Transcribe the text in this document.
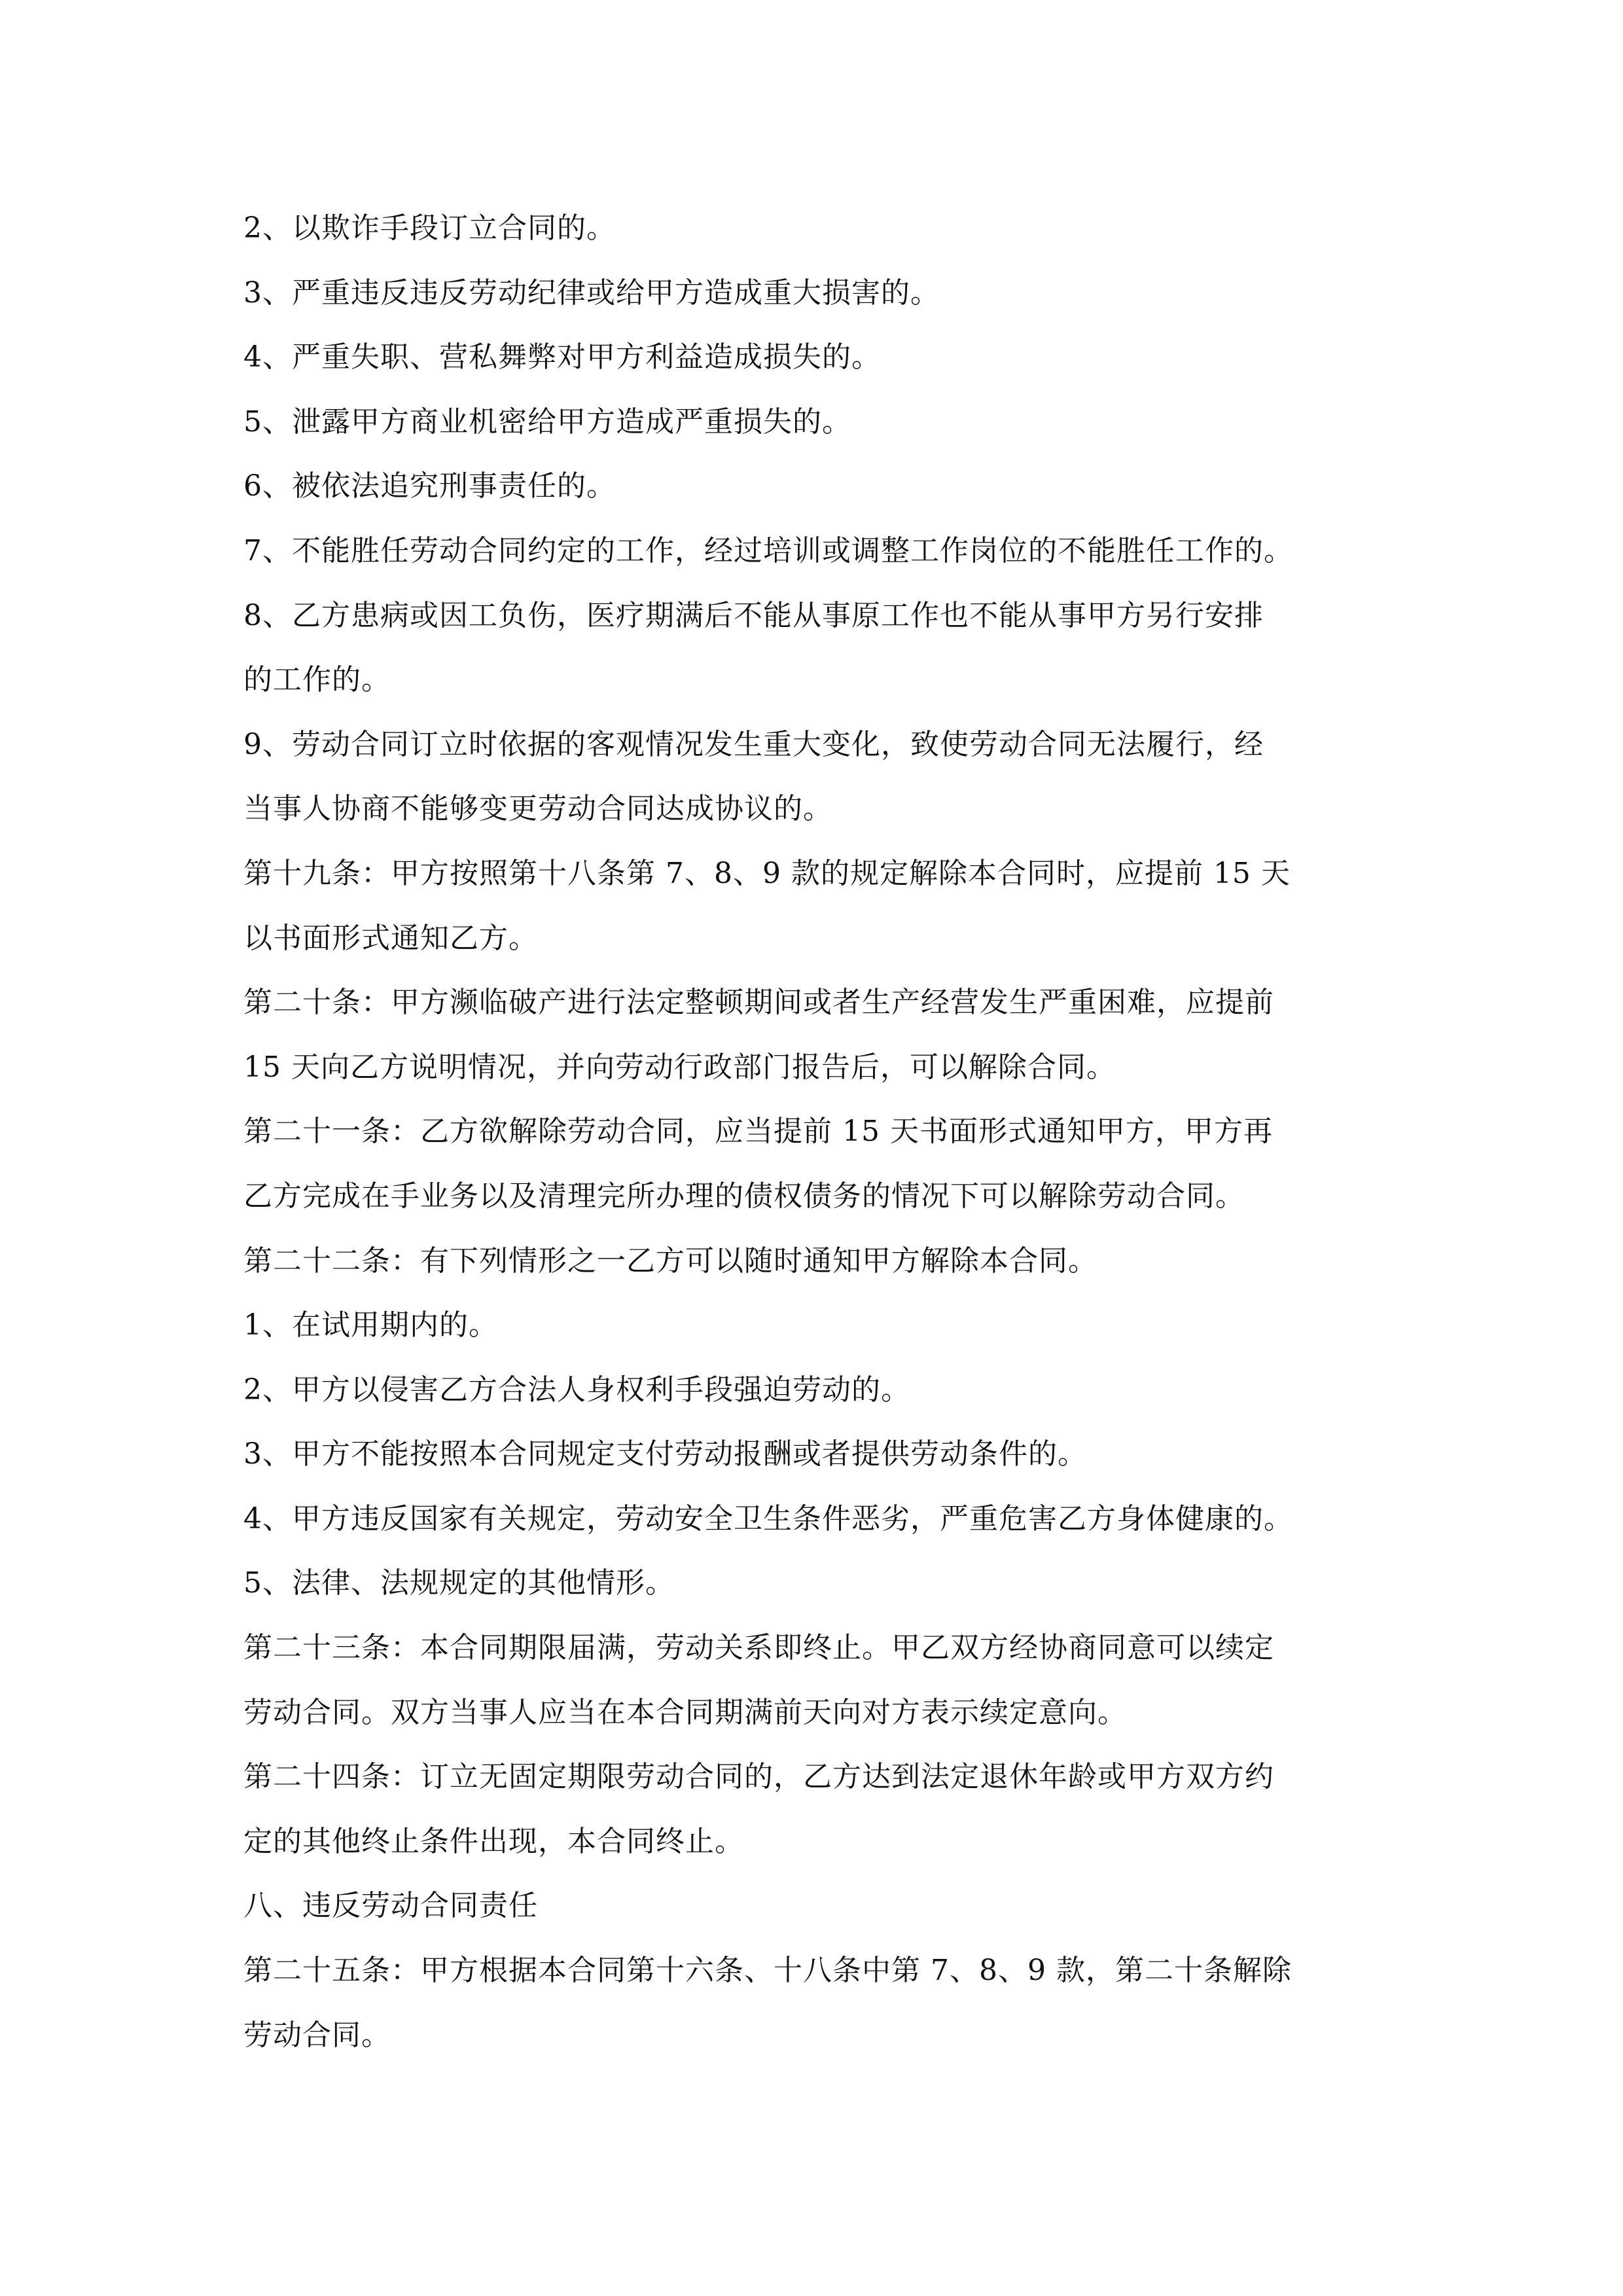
2、以欺诈手段订立合同的。
3、严重违反违反劳动纪律或给甲方造成重大损害的。
4、严重失职、营私舞弊对甲方利益造成损失的。
5、泄露甲方商业机密给甲方造成严重损失的。
6、被依法追究刑事责任的。
7、不能胜任劳动合同约定的工作，经过培训或调整工作岗位的不能胜任工作的。
8、乙方患病或因工负伤，医疗期满后不能从事原工作也不能从事甲方另行安排
的工作的。
9、劳动合同订立时依据的客观情况发生重大变化，致使劳动合同无法履行，经
当事人协商不能够变更劳动合同达成协议的。
第十九条：甲方按照第十八条第 7、8、9 款的规定解除本合同时，应提前 15 天
以书面形式通知乙方。
第二十条：甲方濒临破产进行法定整顿期间或者生产经营发生严重困难，应提前
15 天向乙方说明情况，并向劳动行政部门报告后，可以解除合同。
第二十一条：乙方欲解除劳动合同，应当提前 15 天书面形式通知甲方，甲方再
乙方完成在手业务以及清理完所办理的债权债务的情况下可以解除劳动合同。
第二十二条：有下列情形之一乙方可以随时通知甲方解除本合同。
1、在试用期内的。
2、甲方以侵害乙方合法人身权利手段强迫劳动的。
3、甲方不能按照本合同规定支付劳动报酬或者提供劳动条件的。
4、甲方违反国家有关规定，劳动安全卫生条件恶劣，严重危害乙方身体健康的。
5、法律、法规规定的其他情形。
第二十三条：本合同期限届满，劳动关系即终止。甲乙双方经协商同意可以续定
劳动合同。双方当事人应当在本合同期满前天向对方表示续定意向。
第二十四条：订立无固定期限劳动合同的，乙方达到法定退休年龄或甲方双方约
定的其他终止条件出现，本合同终止。
八、违反劳动合同责任
第二十五条：甲方根据本合同第十六条、十八条中第 7、8、9 款，第二十条解除
劳动合同。
